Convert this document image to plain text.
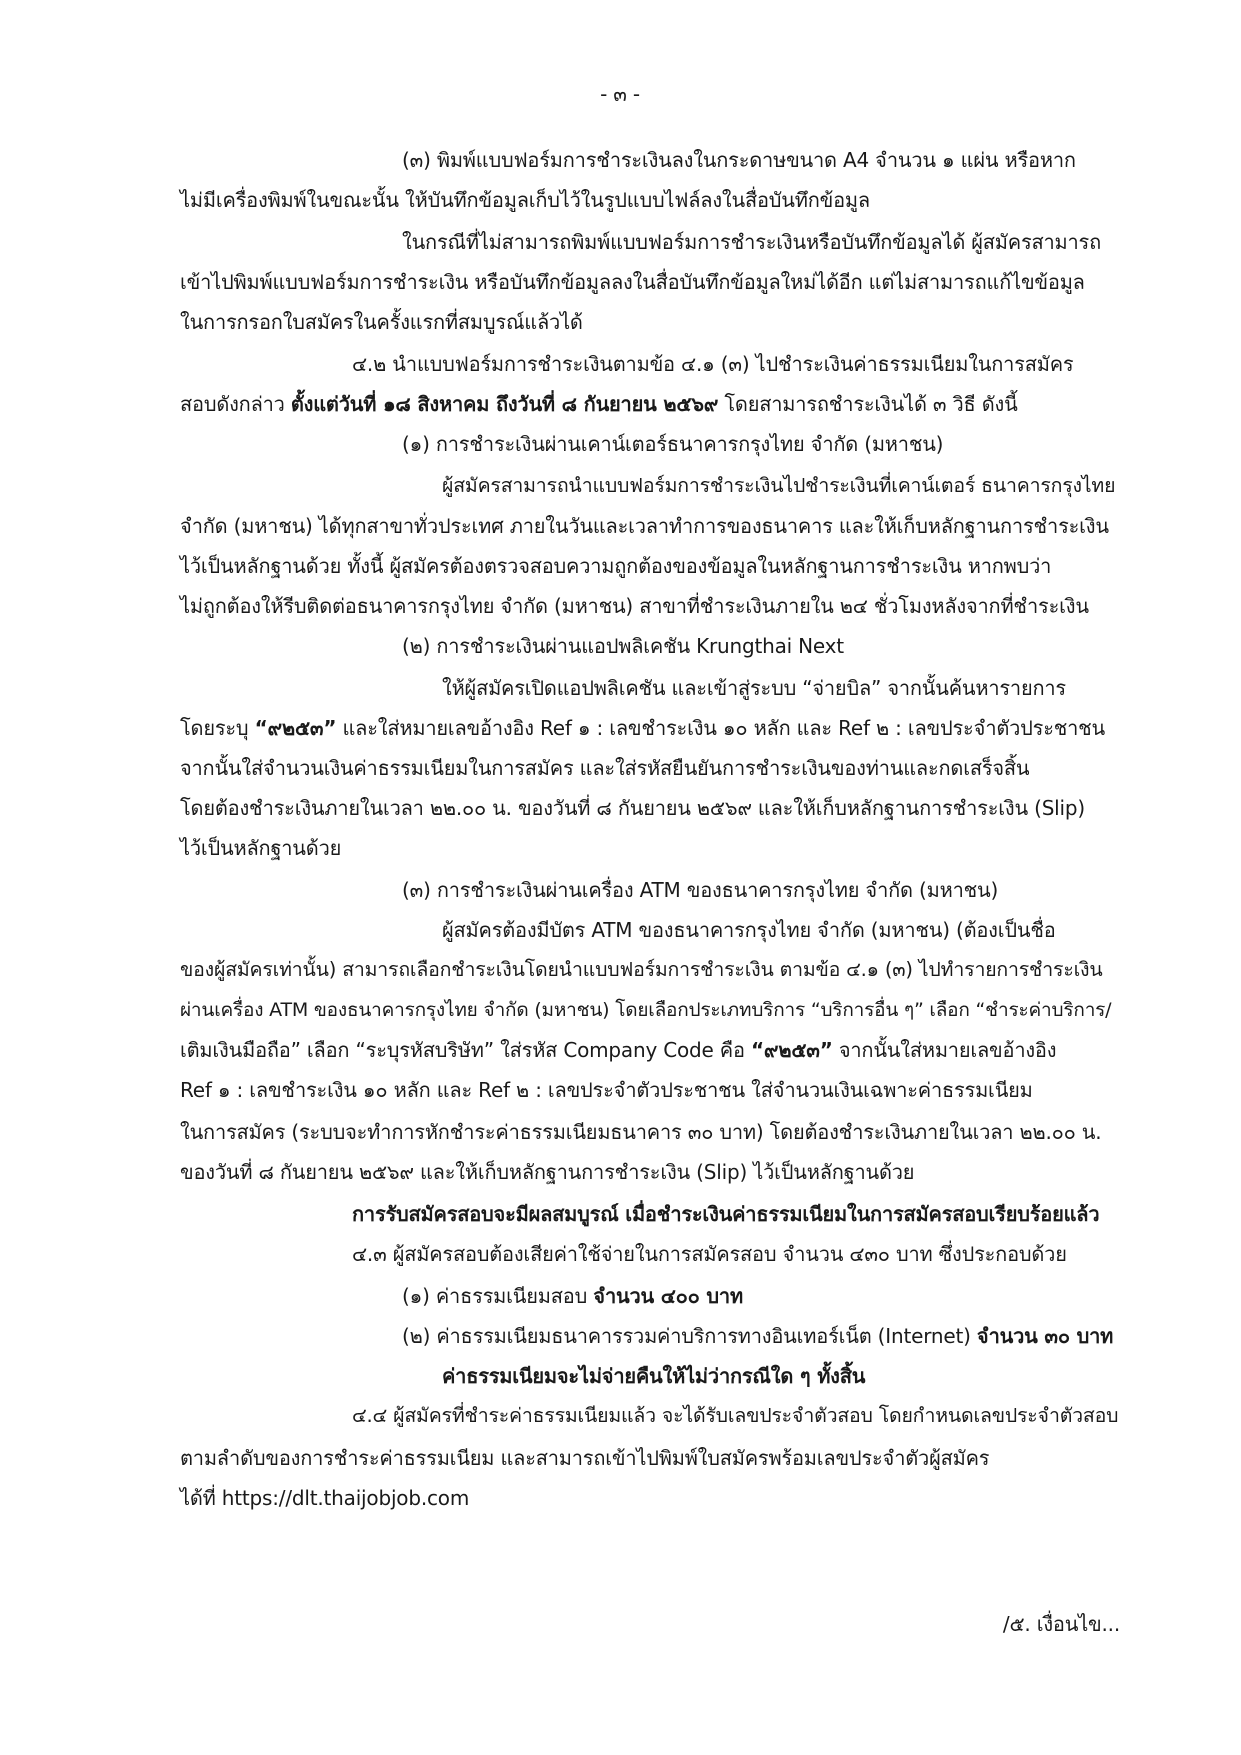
- ๓ -
(๓) พิมพ์แบบฟอร์มการชำระเงินลงในกระดาษขนาด A4 จำนวน ๑ แผ่น หรือหาก
ไม่มีเครื่องพิมพ์ในขณะนั้น ให้บันทึกข้อมูลเก็บไว้ในรูปแบบไฟล์ลงในสื่อบันทึกข้อมูล
ในกรณีที่ไม่สามารถพิมพ์แบบฟอร์มการชำระเงินหรือบันทึกข้อมูลได้ ผู้สมัครสามารถ
เข้าไปพิมพ์แบบฟอร์มการชำระเงิน หรือบันทึกข้อมูลลงในสื่อบันทึกข้อมูลใหม่ได้อีก แต่ไม่สามารถแก้ไขข้อมูล
ในการกรอกใบสมัครในครั้งแรกที่สมบูรณ์แล้วได้
๔.๒ นำแบบฟอร์มการชำระเงินตามข้อ ๔.๑ (๓) ไปชำระเงินค่าธรรมเนียมในการสมัคร
สอบดังกล่าว ตั้งแต่วันที่ ๑๘ สิงหาคม ถึงวันที่ ๘ กันยายน ๒๕๖๙ โดยสามารถชำระเงินได้ ๓ วิธี ดังนี้
(๑) การชำระเงินผ่านเคาน์เตอร์ธนาคารกรุงไทย จำกัด (มหาชน)
ผู้สมัครสามารถนำแบบฟอร์มการชำระเงินไปชำระเงินที่เคาน์เตอร์ ธนาคารกรุงไทย
จำกัด (มหาชน) ได้ทุกสาขาทั่วประเทศ ภายในวันและเวลาทำการของธนาคาร และให้เก็บหลักฐานการชำระเงิน
ไว้เป็นหลักฐานด้วย ทั้งนี้ ผู้สมัครต้องตรวจสอบความถูกต้องของข้อมูลในหลักฐานการชำระเงิน หากพบว่า
ไม่ถูกต้องให้รีบติดต่อธนาคารกรุงไทย จำกัด (มหาชน) สาขาที่ชำระเงินภายใน ๒๔ ชั่วโมงหลังจากที่ชำระเงิน
(๒) การชำระเงินผ่านแอปพลิเคชัน Krungthai Next
ให้ผู้สมัครเปิดแอปพลิเคชัน และเข้าสู่ระบบ “จ่ายบิล” จากนั้นค้นหารายการ
โดยระบุ “๙๒๕๓” และใส่หมายเลขอ้างอิง Ref ๑ : เลขชำระเงิน ๑๐ หลัก และ Ref ๒ : เลขประจำตัวประชาชน
จากนั้นใส่จำนวนเงินค่าธรรมเนียมในการสมัคร และใส่รหัสยืนยันการชำระเงินของท่านและกดเสร็จสิ้น
โดยต้องชำระเงินภายในเวลา ๒๒.๐๐ น. ของวันที่ ๘ กันยายน ๒๕๖๙ และให้เก็บหลักฐานการชำระเงิน (Slip)
ไว้เป็นหลักฐานด้วย
(๓) การชำระเงินผ่านเครื่อง ATM ของธนาคารกรุงไทย จำกัด (มหาชน)
ผู้สมัครต้องมีบัตร ATM ของธนาคารกรุงไทย จำกัด (มหาชน) (ต้องเป็นชื่อ
ของผู้สมัครเท่านั้น) สามารถเลือกชำระเงินโดยนำแบบฟอร์มการชำระเงิน ตามข้อ ๔.๑ (๓) ไปทำรายการชำระเงิน
ผ่านเครื่อง ATM ของธนาคารกรุงไทย จำกัด (มหาชน) โดยเลือกประเภทบริการ “บริการอื่น ๆ” เลือก “ชำระค่าบริการ/
เติมเงินมือถือ” เลือก “ระบุรหัสบริษัท” ใส่รหัส Company Code คือ “๙๒๕๓” จากนั้นใส่หมายเลขอ้างอิง
Ref ๑ : เลขชำระเงิน ๑๐ หลัก และ Ref ๒ : เลขประจำตัวประชาชน ใส่จำนวนเงินเฉพาะค่าธรรมเนียม
ในการสมัคร (ระบบจะทำการหักชำระค่าธรรมเนียมธนาคาร ๓๐ บาท) โดยต้องชำระเงินภายในเวลา ๒๒.๐๐ น.
ของวันที่ ๘ กันยายน ๒๕๖๙ และให้เก็บหลักฐานการชำระเงิน (Slip) ไว้เป็นหลักฐานด้วย
การรับสมัครสอบจะมีผลสมบูรณ์ เมื่อชำระเงินค่าธรรมเนียมในการสมัครสอบเรียบร้อยแล้ว
๔.๓ ผู้สมัครสอบต้องเสียค่าใช้จ่ายในการสมัครสอบ จำนวน ๔๓๐ บาท ซึ่งประกอบด้วย
(๑) ค่าธรรมเนียมสอบ จำนวน ๔๐๐ บาท
(๒) ค่าธรรมเนียมธนาคารรวมค่าบริการทางอินเทอร์เน็ต (Internet) จำนวน ๓๐ บาท
ค่าธรรมเนียมจะไม่จ่ายคืนให้ไม่ว่ากรณีใด ๆ ทั้งสิ้น
๔.๔ ผู้สมัครที่ชำระค่าธรรมเนียมแล้ว จะได้รับเลขประจำตัวสอบ โดยกำหนดเลขประจำตัวสอบ
ตามลำดับของการชำระค่าธรรมเนียม และสามารถเข้าไปพิมพ์ใบสมัครพร้อมเลขประจำตัวผู้สมัคร
ได้ที่ https://dlt.thaijobjob.com
/๕. เงื่อนไข...
